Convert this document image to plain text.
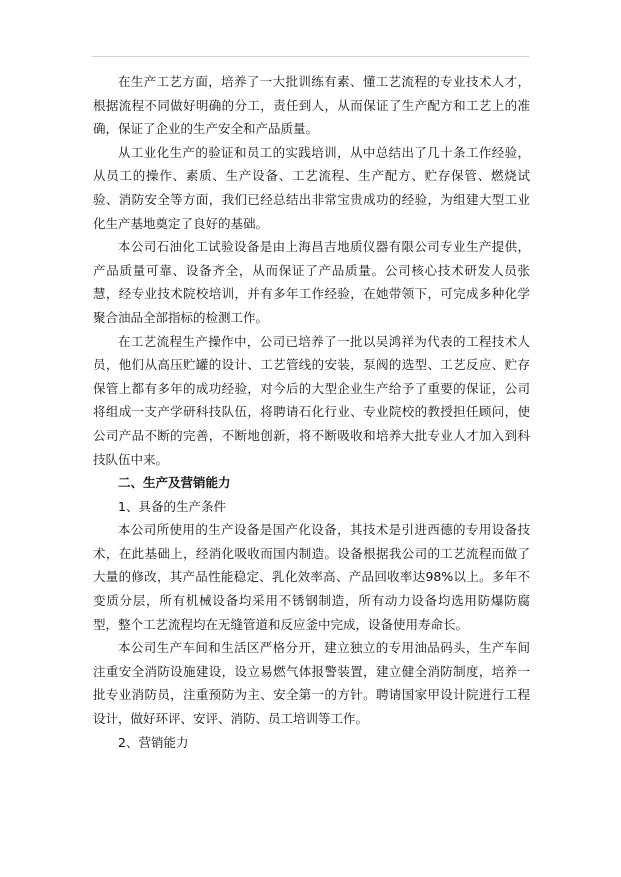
在生产工艺方面，培养了一大批训练有素、懂工艺流程的专业技术人才，根据流程不同做好明确的分工，责任到人，从而保证了生产配方和工艺上的准确，保证了企业的生产安全和产品质量。

从工业化生产的验证和员工的实践培训，从中总结出了几十条工作经验，从员工的操作、素质、生产设备、工艺流程、生产配方、贮存保管、燃烧试验、消防安全等方面，我们已经总结出非常宝贵成功的经验，为组建大型工业化生产基地奠定了良好的基础。

本公司石油化工试验设备是由上海昌吉地质仪器有限公司专业生产提供，产品质量可靠、设备齐全，从而保证了产品质量。公司核心技术研发人员张慧，经专业技术院校培训，并有多年工作经验，在她带领下，可完成多种化学聚合油品全部指标的检测工作。

在工艺流程生产操作中，公司已培养了一批以吴鸿祥为代表的工程技术人员，他们从高压贮罐的设计、工艺管线的安装，泵阀的选型、工艺反应、贮存保管上都有多年的成功经验，对今后的大型企业生产给予了重要的保证，公司将组成一支产学研科技队伍，将聘请石化行业、专业院校的教授担任顾问，使公司产品不断的完善，不断地创新，将不断吸收和培养大批专业人才加入到科技队伍中来。

二、生产及营销能力

1、具备的生产条件

本公司所使用的生产设备是国产化设备，其技术是引进西德的专用设备技术，在此基础上，经消化吸收而国内制造。设备根据我公司的工艺流程而做了大量的修改，其产品性能稳定、乳化效率高、产品回收率达98%以上。多年不变质分层，所有机械设备均采用不锈钢制造，所有动力设备均选用防爆防腐型，整个工艺流程均在无缝管道和反应釜中完成，设备使用寿命长。

本公司生产车间和生活区严格分开，建立独立的专用油品码头，生产车间注重安全消防设施建设，设立易燃气体报警装置，建立健全消防制度，培养一批专业消防员，注重预防为主、安全第一的方针。聘请国家甲设计院进行工程设计，做好环评、安评、消防、员工培训等工作。

2、营销能力
